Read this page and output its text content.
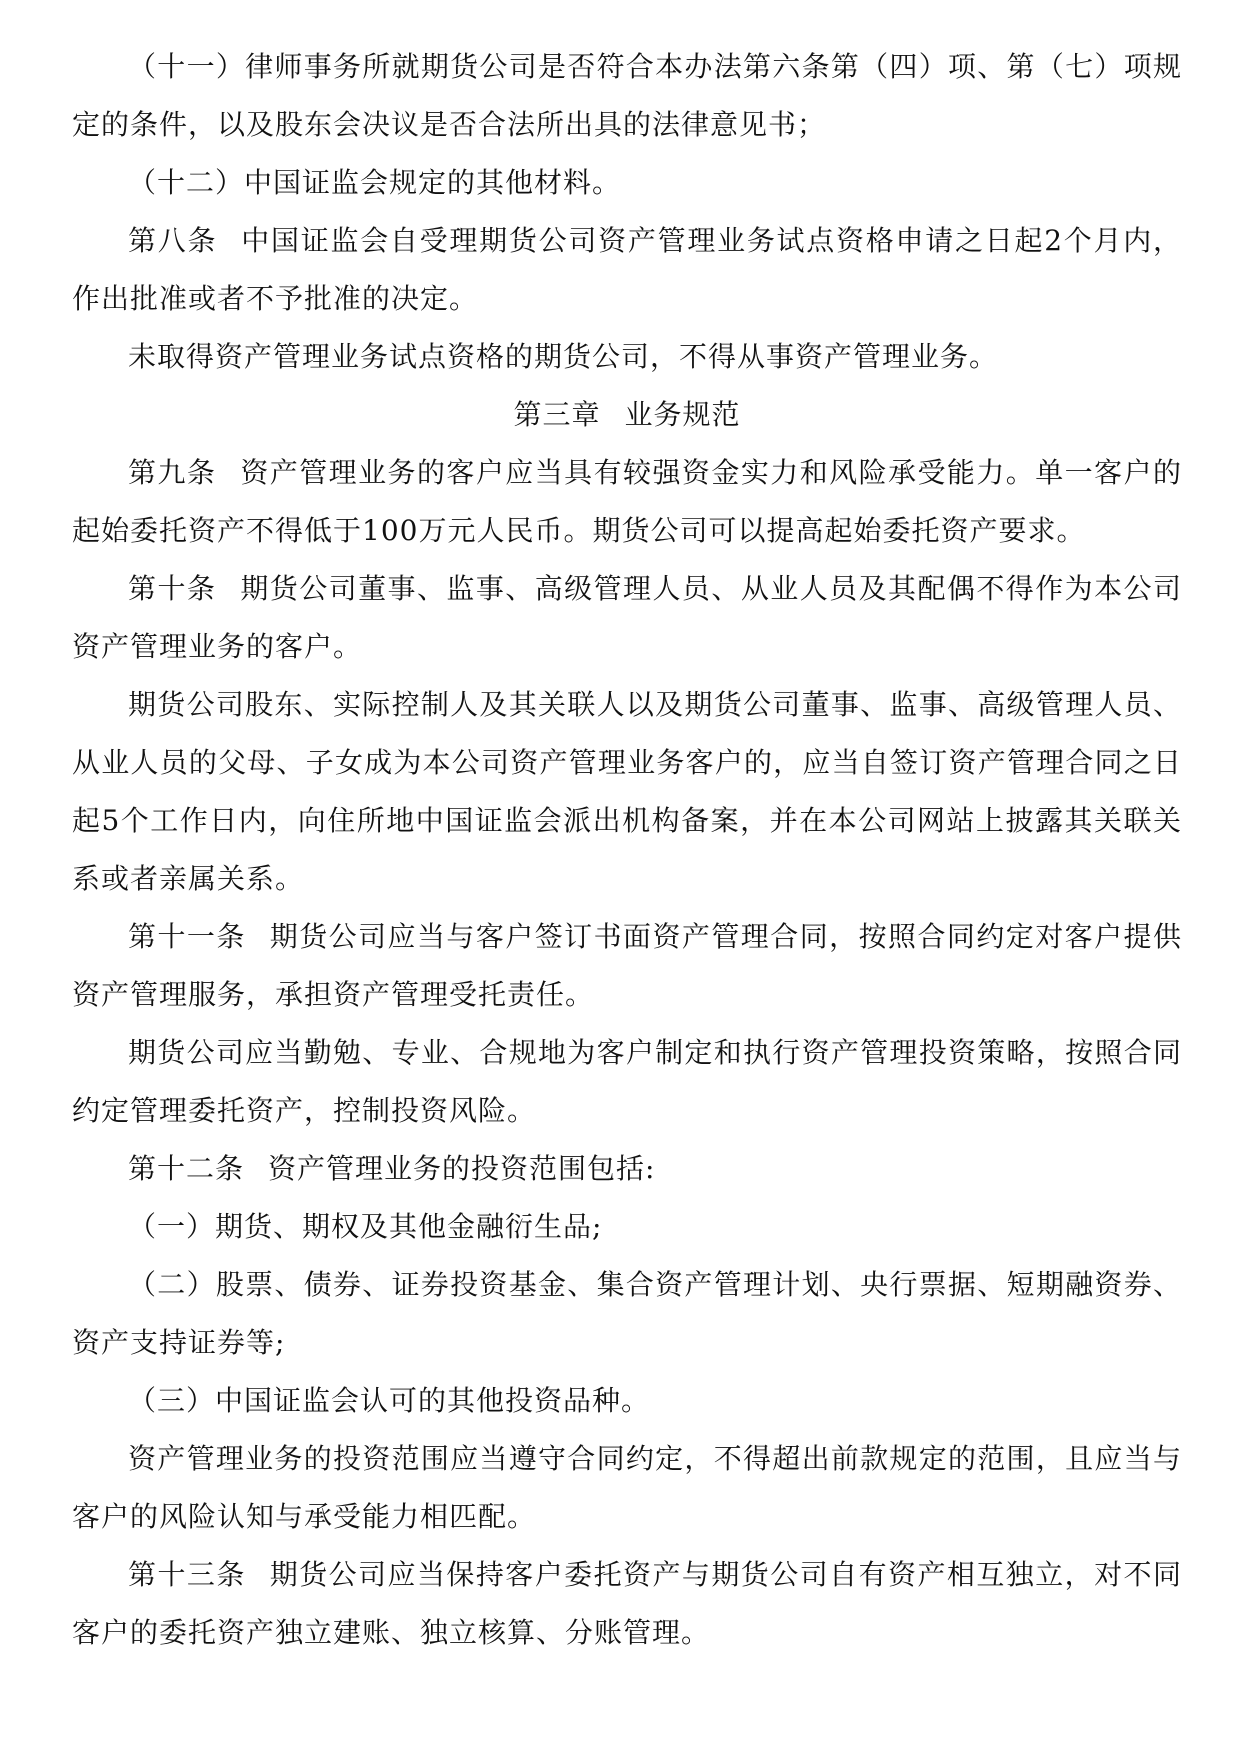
（十一）律师事务所就期货公司是否符合本办法第六条第（四）项、第（七）项规定的条件，以及股东会决议是否合法所出具的法律意见书；

（十二）中国证监会规定的其他材料。

第八条 中国证监会自受理期货公司资产管理业务试点资格申请之日起2个月内，作出批准或者不予批准的决定。

未取得资产管理业务试点资格的期货公司，不得从事资产管理业务。

第三章 业务规范

第九条 资产管理业务的客户应当具有较强资金实力和风险承受能力。单一客户的起始委托资产不得低于100万元人民币。期货公司可以提高起始委托资产要求。

第十条 期货公司董事、监事、高级管理人员、从业人员及其配偶不得作为本公司资产管理业务的客户。

期货公司股东、实际控制人及其关联人以及期货公司董事、监事、高级管理人员、从业人员的父母、子女成为本公司资产管理业务客户的，应当自签订资产管理合同之日起5个工作日内，向住所地中国证监会派出机构备案，并在本公司网站上披露其关联关系或者亲属关系。

第十一条 期货公司应当与客户签订书面资产管理合同，按照合同约定对客户提供资产管理服务，承担资产管理受托责任。

期货公司应当勤勉、专业、合规地为客户制定和执行资产管理投资策略，按照合同约定管理委托资产，控制投资风险。

第十二条 资产管理业务的投资范围包括:

（一）期货、期权及其他金融衍生品;

（二）股票、债券、证券投资基金、集合资产管理计划、央行票据、短期融资券、资产支持证券等;

（三）中国证监会认可的其他投资品种。

资产管理业务的投资范围应当遵守合同约定，不得超出前款规定的范围，且应当与客户的风险认知与承受能力相匹配。

第十三条 期货公司应当保持客户委托资产与期货公司自有资产相互独立，对不同客户的委托资产独立建账、独立核算、分账管理。
